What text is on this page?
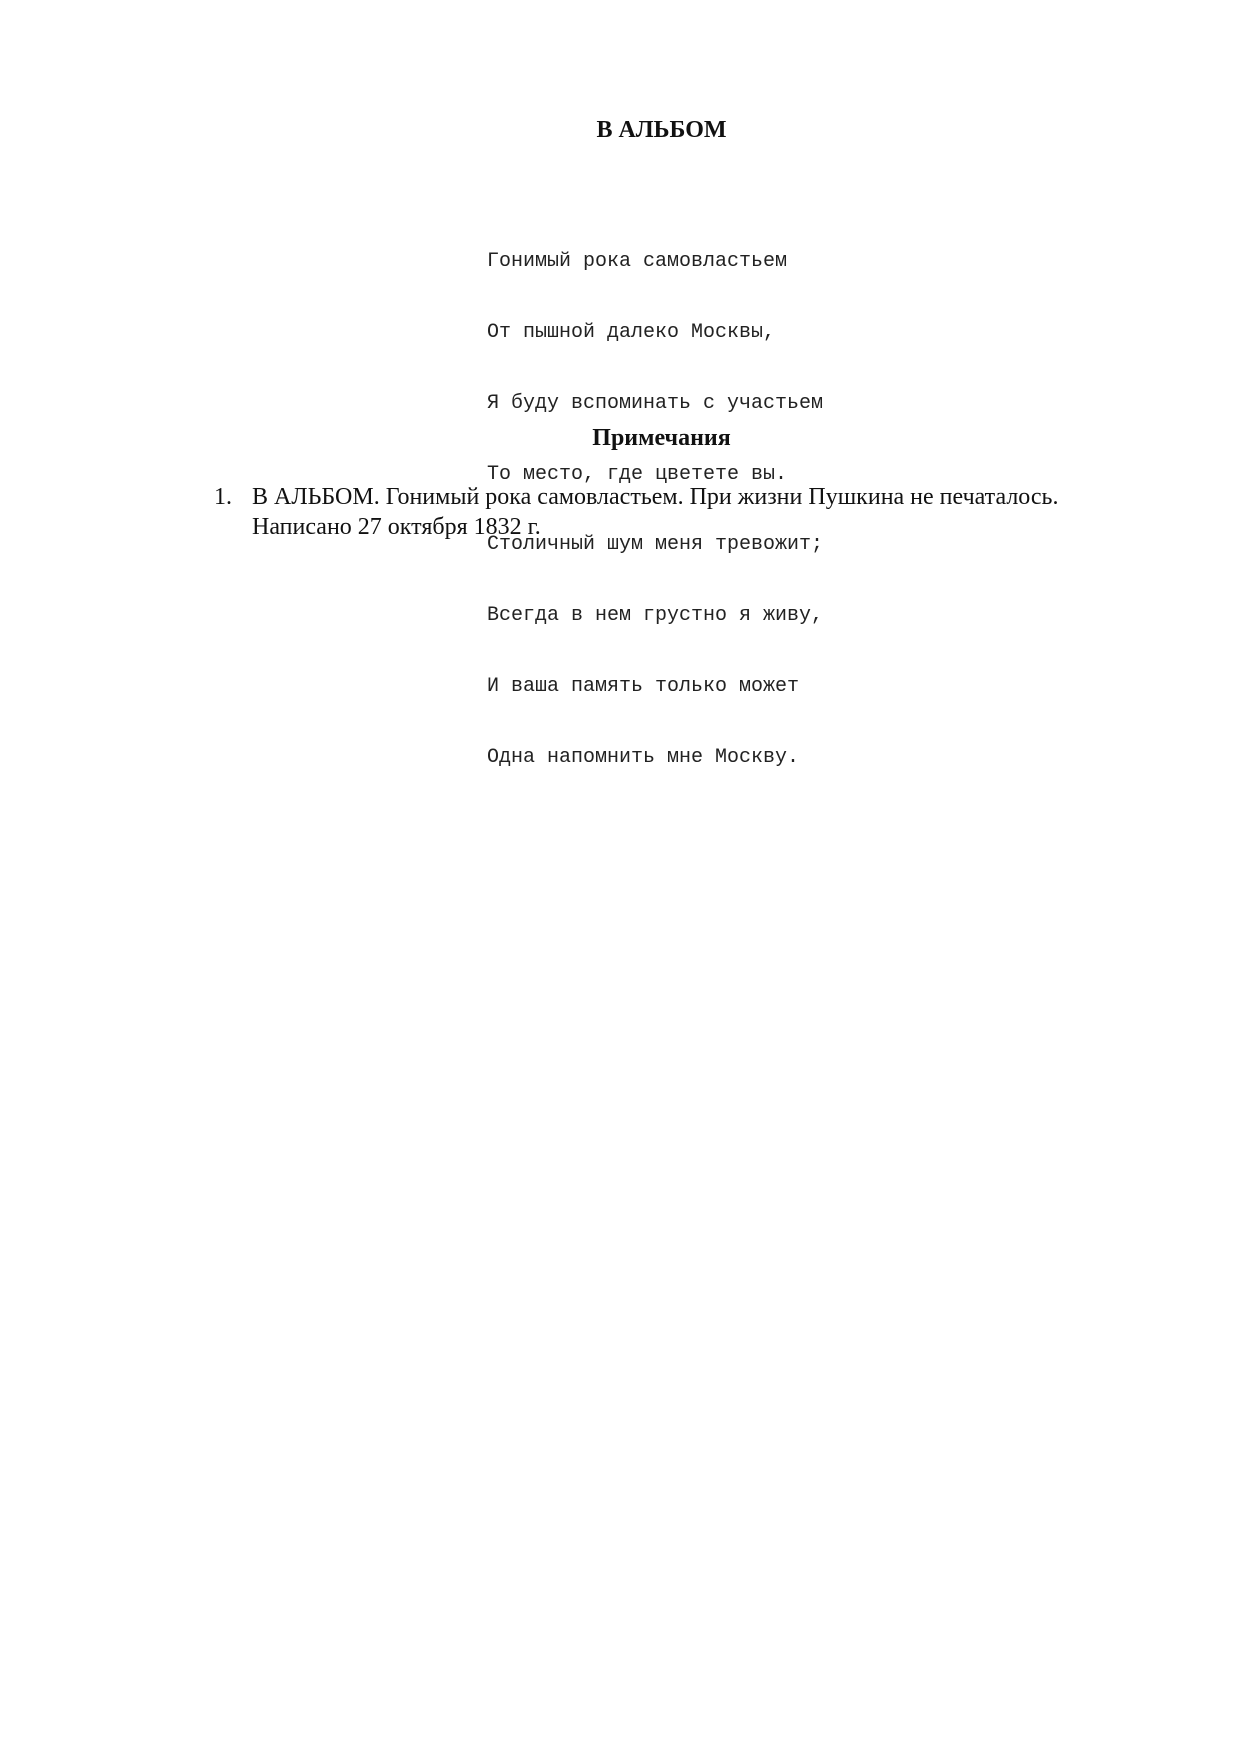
В АЛЬБОМ

Гонимый рока самовластьем

От пышной далеко Москвы,

Я буду вспоминать с участьем

То место, где цветете вы.

Столичный шум меня тревожит;

Всегда в нем грустно я живу,

И ваша память только может

Одна напомнить мне Москву.

Примечания
1. В АЛЬБОМ. Гонимый рока самовластьем. При жизни Пушкина не печаталось.
Написано 27 октября 1832 г.
